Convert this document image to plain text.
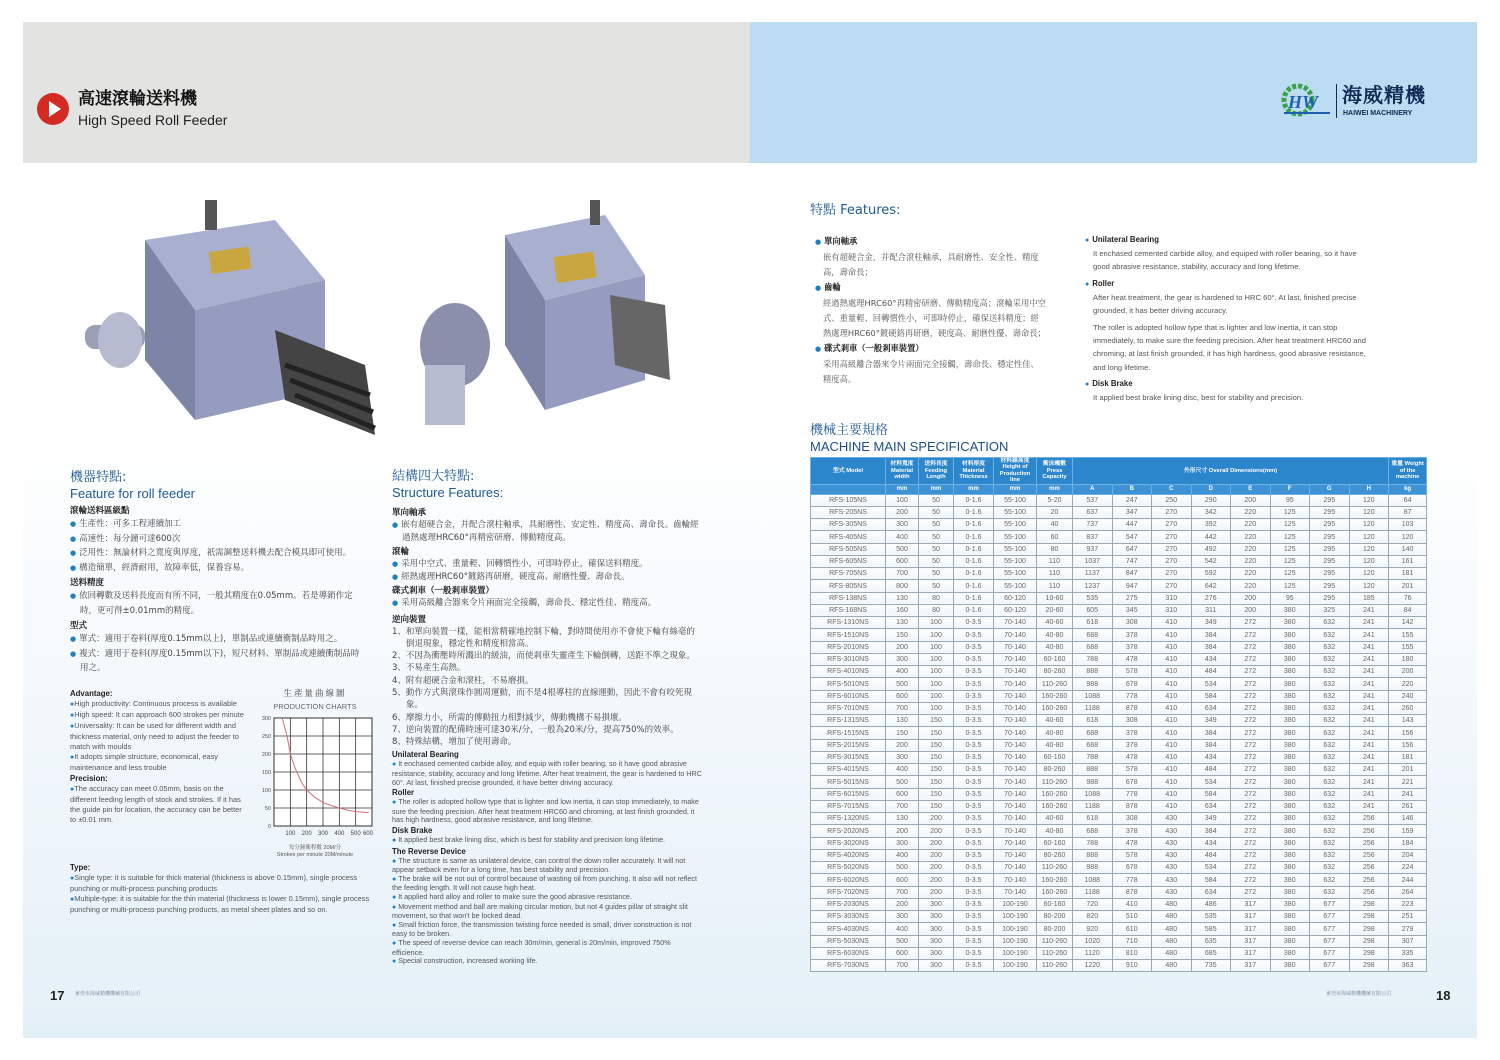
高速滾輪送料機
High Speed Roll Feeder
HW 海威精機
HAIWEI MACHINERY
機器特點:
Feature for roll feeder
滾輪送料區級點
● 生產性：可多工程連續加工
● 高速性：每分鐘可達600次
● 泛用性：無論材料之寬度與厚度，祇需調整送料機去配合模具即可使用。
● 構造簡單，經濟耐用，故障率低，保養容易。
送料精度
● 依回轉數及送料長度而有所不同，一般其精度在0.05mm。若是導銷作定時，更可得±0.01mm的精度。
型式
● 單式：適用于卷料(厚度0.15mm以上)，單制品或連續衝制品時用之。
● 複式：適用于卷料(厚度0.15mm以下)，短尺材料、單制品或連續衝制品時用之。
Advantage:
●High productivity: Continuous process is available
●High speed: It can approach 600 strokes per minute
●Universality: It can be used for different width and thickness material, only need to adjust the feeder to match with moulds
●It adopts simple structure, economical, easy maintenance and less trouble
Precision:
●The accuracy can meet 0.05mm, basis on the different feeding length of stock and strokes. If it has the guide pin for location, the accuracy can be better to ±0.01 mm.
生產量曲線圖
PRODUCTION CHARTS
300
250
200
150
100
50
0
100 200 300 400 500 600
每分鐘衝程數 20M/分
Strokes per minute 20M/minute
Type:
●Single type: it is suitable for thick material (thickness is above 0.15mm), single process punching or multi-process punching products
●Multiple-type: it is suitable for the thin material (thickness is lower 0.15mm), single process punching or multi-process punching products, as metal sheet plates and so on.
結構四大特點:
Structure Features:
單向軸承
● 嵌有超硬合金，并配合滾柱軸承，具耐磨性、安定性、精度高、壽命長。齒輪經過熱處理HRC60°再精密研磨、傳動精度高。
滾輪
● 采用中空式、重量輕、回轉慣性小，可即時停止，確保送料精度。
● 經熱處理HRC60°鍍鉻再研磨，硬度高、耐磨性優、壽命長。
碟式剎車（一般剎車裝置）
● 采用高級離合器來令片兩面完全接觸，壽命長、穩定性佳、精度高。
逆向裝置
1、和單向裝置一樣，能相當精確地控制下輪，對時間使用亦不會使下輪有絲毫的倒退現象，穩定性和精度相當高。
2、不因為衝壓時所濺出的緩油，而使剎車失靈產生下輪倒轉，送距不準之現象。
3、不易產生高熱。
4、附有超硬合金和滾柱，不易磨損。
5、動作方式與滾珠作圓周運動，而不是4根導柱的直線運動，因此不會有咬死現象。
6、摩擦力小，所需的傳動扭力相對減少，傳動機構不易損壞。
7、逆向裝置的配備時速可達30米/分，一般為20米/分，提高750%的效率。
8、特殊結構，增加了使用壽命。
Unilateral Bearing
● It enchased cemented carbide alloy, and equip with roller bearing, so it have good abrasive resistance, stability, accuracy and long lifetime. After heat treatment, the gear is hardened to HRC 60°. At last, finished precise grounded, it have better driving accuracy.
Roller
● The roller is adopted hollow type that is lighter and low inertia, it can stop immediately, to make sure the feeding precision. After heat treatment HRC60 and chroming, at last finish grounded, it has high hardness, good abrasive resistance, and long lifetime.
Disk Brake
● It applied best brake lining disc, which is best for stability and precision long lifetime.
The Reverse Device
● The structure is same as unilateral device, can control the down roller accurately. It will not appear setback even for a long time, has best stability and precision.
● The brake will be not out of control because of wasting oil from punching. It also will not reflect the feeding length. It will not cause high heat.
● It applied hard alloy and roller to make sure the good abrasive resistance.
● Movement method and ball are making circular motion, but not 4 guides pillar of straight slit movement, so that won't be locked dead.
● Small friction force, the transmission twisting force needed is small, driver construction is not easy to be broken.
● The speed of reverse device can reach 30m/min, general is 20m/min, improved 750% efficience.
● Special construction, increased working life.
特點 Features:
● 單向軸承
嵌有超硬合金，并配合滾柱軸承，具耐磨性、安全性、精度高，壽命長；
● 齒輪
經過熱處理HRC60°再精密研磨、傳動精度高；滾輪采用中空式、重量輕、回轉慣性小，可即時停止，確保送料精度；經熱處理HRC60°鍍硬鉻再研磨，硬度高、耐磨性優、壽命長；
● 碟式剎車（一般剎車裝置）
采用高級離合器來令片兩面完全接觸，壽命長、穩定性佳、精度高。
● Unilateral Bearing
It enchased cemented carbide alloy, and equiped with roller bearing, so it have good abrasive resistance, stability, accuracy and long lifetime.
● Roller
After heat treatment, the gear is hardened to HRC 60°. At last, finished precise grounded, it has better driving accuracy.
The roller is adopted hollow type that is lighter and low inertia, it can stop immediately, to make sure the feeding precision. After heat treatment HRC60 and chroming, at last finish grounded, it has high hardness, good abrasive resistance, and long lifetime.
● Disk Brake
It applied best brake lining disc, best for stability and precision.
機械主要規格
MACHINE MAIN SPECIFICATION
型式 Model	材料寬度 Material width	送料長度 Feeding Length	材料厚度 Material Thickness	材料線高度 Height of Production line	衝床噸數 Press Capacity	外形尺寸 Overall Dimensions(mm)								重量 Weight of the machine
	mm	mm	mm	mm	mm	A	B	C	D	E	F	G	H	kg
RFS-105NS	100	50	0-1.6	55-100	5-20	537	247	250	290	200	95	295	120	64
RFS-205NS	200	50	0-1.6	55-100	20	637	347	270	342	220	125	295	120	87
RFS-305NS	300	50	0-1.6	55-100	40	737	447	270	392	220	125	295	120	103
RFS-405NS	400	50	0-1.6	55-100	60	837	547	270	442	220	125	295	120	120
RFS-505NS	500	50	0-1.6	55-100	80	937	647	270	492	220	125	295	120	140
RFS-605NS	600	50	0-1.6	55-100	110	1037	747	270	542	220	125	295	120	161
RFS-705NS	700	50	0-1.6	55-100	110	1137	847	270	592	220	125	295	120	181
RFS-805NS	800	50	0-1.6	55-100	110	1237	947	270	642	220	125	295	120	201
RFS-138NS	130	80	0-1.6	60-120	10-60	535	275	310	276	200	95	295	185	76
RFS-168NS	160	80	0-1.6	60-120	20-60	605	345	310	311	200	380	325	241	84
RFS-1310NS	130	100	0-3.5	70-140	40-60	618	308	410	349	272	380	632	241	142
RFS-1510NS	150	100	0-3.5	70-140	40-80	688	378	410	384	272	380	632	241	155
RFS-2010NS	200	100	0-3.5	70-140	40-80	688	378	410	384	272	380	632	241	155
RFS-3010NS	300	100	0-3.5	70-140	60-160	788	478	410	434	272	380	632	241	180
RFS-4010NS	400	100	0-3.5	70-140	80-260	888	578	410	484	272	380	632	241	200
RFS-5010NS	500	100	0-3.5	70-140	110-260	988	678	410	534	272	380	632	241	220
RFS-6010NS	600	100	0-3.5	70-140	160-260	1088	778	410	584	272	380	632	241	240
RFS-7010NS	700	100	0-3.5	70-140	160-260	1188	878	410	634	272	380	632	241	260
RFS-1315NS	130	150	0-3.5	70-140	40-60	618	308	410	349	272	380	632	241	143
RFS-1515NS	150	150	0-3.5	70-140	40-80	688	378	410	384	272	380	632	241	156
RFS-2015NS	200	150	0-3.5	70-140	40-80	688	378	410	384	272	380	632	241	156
RFS-3015NS	300	150	0-3.5	70-140	60-160	788	478	410	434	272	380	632	241	181
RFS-4015NS	400	150	0-3.5	70-140	80-260	888	578	410	484	272	380	632	241	201
RFS-5015NS	500	150	0-3.5	70-140	110-260	988	678	410	534	272	380	632	241	221
RFS-6015NS	600	150	0-3.5	70-140	160-260	1088	778	410	584	272	380	632	241	241
RFS-7015NS	700	150	0-3.5	70-140	160-260	1188	878	410	634	272	380	632	241	261
RFS-1320NS	130	200	0-3.5	70-140	40-60	618	308	430	349	272	380	632	256	146
RFS-2020NS	200	200	0-3.5	70-140	40-80	688	378	430	384	272	380	632	256	159
RFS-3020NS	300	200	0-3.5	70-140	60-160	788	478	430	434	272	380	632	256	184
RFS-4020NS	400	200	0-3.5	70-140	80-260	888	578	430	484	272	380	632	256	204
RFS-5020NS	500	200	0-3.5	70-140	110-260	988	678	430	534	272	380	632	256	224
RFS-6020NS	600	200	0-3.5	70-140	160-260	1088	778	430	584	272	380	632	256	244
RFS-7020NS	700	200	0-3.5	70-140	160-260	1188	878	430	634	272	380	632	256	264
RFS-2030NS	200	300	0-3.5	100-190	60-160	720	410	480	486	317	380	677	298	223
RFS-3030NS	300	300	0-3.5	100-190	80-200	820	510	480	535	317	380	677	298	251
RFS-4030NS	400	300	0-3.5	100-190	80-200	920	610	480	585	317	380	677	298	279
RFS-5030NS	500	300	0-3.5	100-190	110-260	1020	710	480	635	317	380	677	298	307
RFS-6030NS	600	300	0-3.5	100-190	110-260	1120	810	480	685	317	380	677	298	335
RFS-7030NS	700	300	0-3.5	100-190	110-260	1220	910	480	735	317	380	677	298	363
17 東莞市海威精機機械有限公司	東莞市海威精機機械有限公司	18
